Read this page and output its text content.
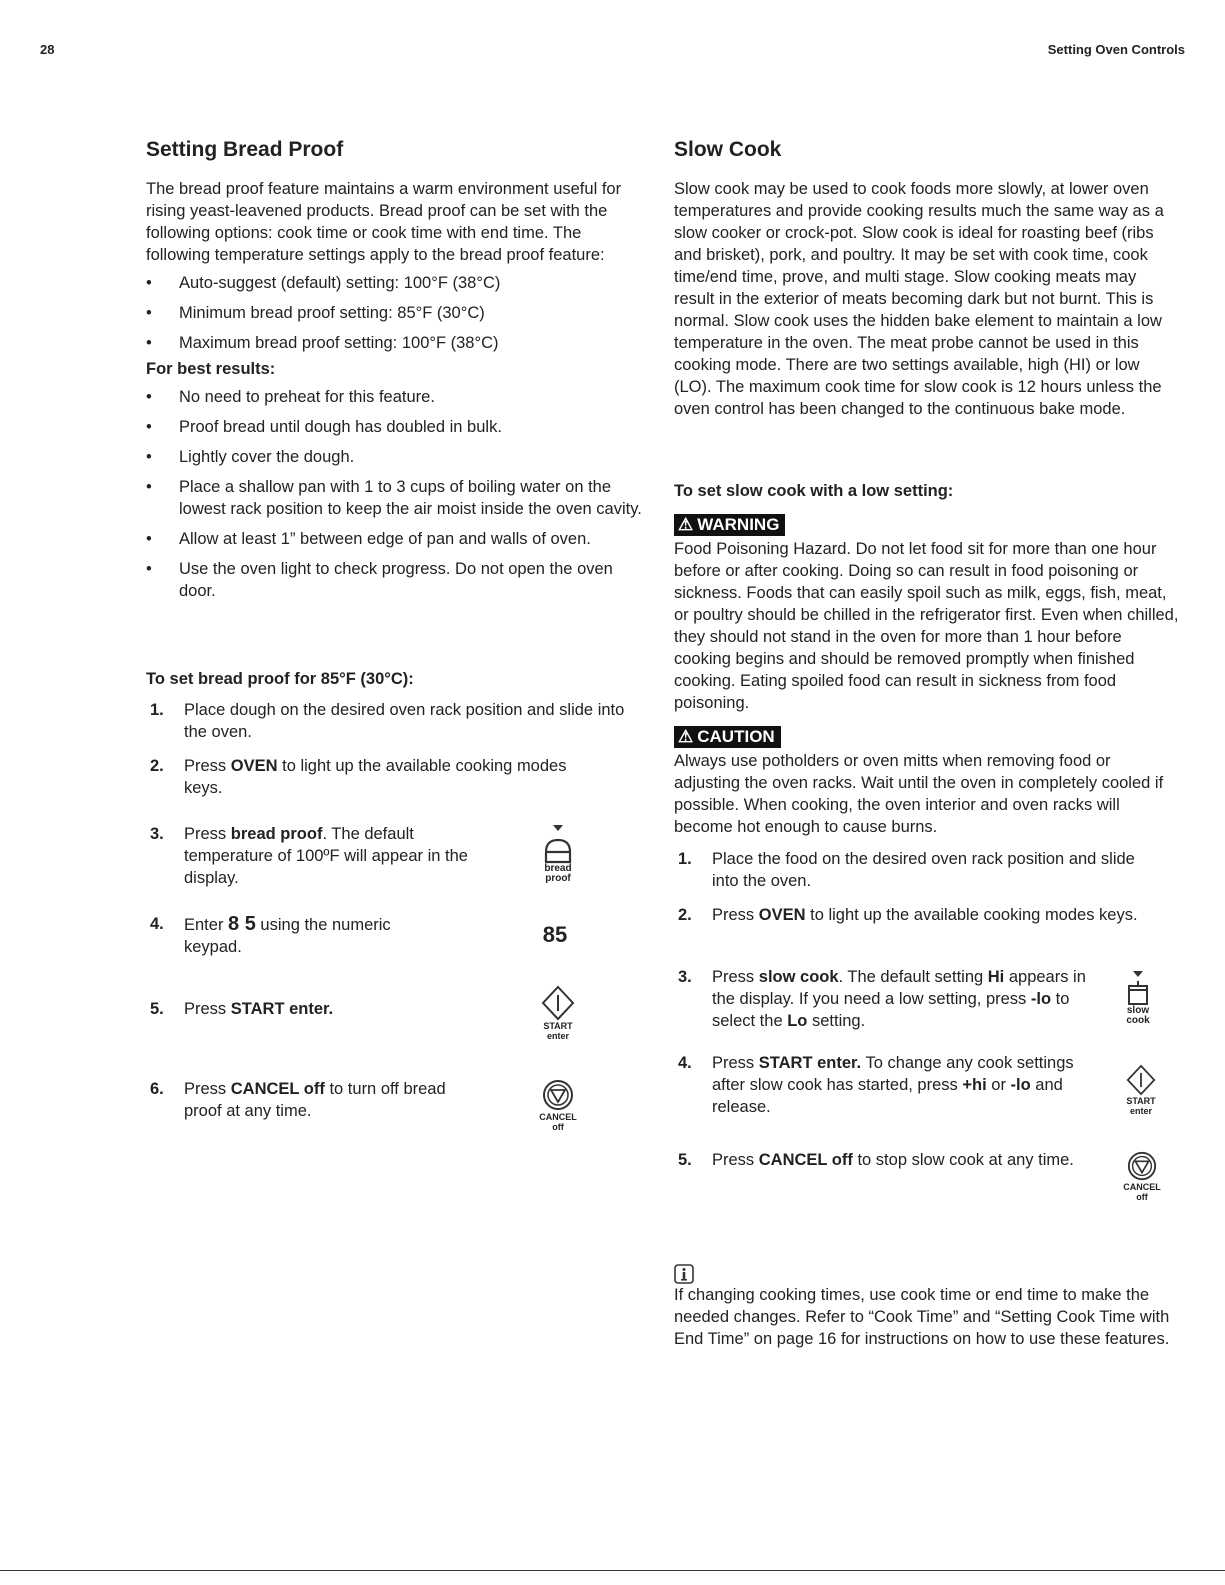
28	Setting Oven Controls
Setting Bread Proof

The bread proof feature maintains a warm environment useful for rising yeast-leavened products. Bread proof can be set with the following options: cook time or cook time with end time. The following temperature settings apply to the bread proof feature:

• Auto-suggest (default) setting: 100°F (38°C)
• Minimum bread proof setting: 85°F (30°C)
• Maximum bread proof setting: 100°F (38°C)
For best results:
• No need to preheat for this feature.
• Proof bread until dough has doubled in bulk.
• Lightly cover the dough.
• Place a shallow pan with 1 to 3 cups of boiling water on the lowest rack position to keep the air moist inside the oven cavity.
• Allow at least 1” between edge of pan and walls of oven.
• Use the oven light to check progress. Do not open the oven door.
To set bread proof for 85°F (30°C):
1. Place dough on the desired oven rack position and slide into the oven.
2. Press OVEN to light up the available cooking modes keys.
3. Press bread proof. The default temperature of 100ºF will appear in the display.
4. Enter 8 5 using the numeric keypad.
5. Press START enter.
6. Press CANCEL off to turn off bread proof at any time.
bread
proof
85
START
enter
CANCEL
off
Slow Cook

Slow cook may be used to cook foods more slowly, at lower oven temperatures and provide cooking results much the same way as a slow cooker or crock-pot. Slow cook is ideal for roasting beef (ribs and brisket), pork, and poultry. It may be set with cook time, cook time/end time, prove, and multi stage. Slow cooking meats may result in the exterior of meats becoming dark but not burnt. This is normal. Slow cook uses the hidden bake element to maintain a low temperature in the oven. The meat probe cannot be used in this cooking mode. There are two settings available, high (HI) or low (LO). The maximum cook time for slow cook is 12 hours unless the oven control has been changed to the continuous bake mode.

To set slow cook with a low setting:
⚠ WARNING

Food Poisoning Hazard. Do not let food sit for more than one hour before or after cooking. Doing so can result in food poisoning or sickness. Foods that can easily spoil such as milk, eggs, fish, meat, or poultry should be chilled in the refrigerator first. Even when chilled, they should not stand in the oven for more than 1 hour before cooking begins and should be removed promptly when finished cooking. Eating spoiled food can result in sickness from food poisoning.

⚠ CAUTION

Always use potholders or oven mitts when removing food or adjusting the oven racks. Wait until the oven in completely cooled if possible. When cooking, the oven interior and oven racks will become hot enough to cause burns.

1. Place the food on the desired oven rack position and slide into the oven.
2. Press OVEN to light up the available cooking modes keys.
3. Press slow cook. The default setting Hi appears in the display. If you need a low setting, press -lo to select the Lo setting.
4. Press START enter. To change any cook settings after slow cook has started, press +hi or -lo and release.
5. Press CANCEL off to stop slow cook at any time.
slow
cook
START
enter
CANCEL
off

If changing cooking times, use cook time or end time to make the needed changes. Refer to “Cook Time” and “Setting Cook Time with End Time” on page 16 for instructions on how to use these features.
